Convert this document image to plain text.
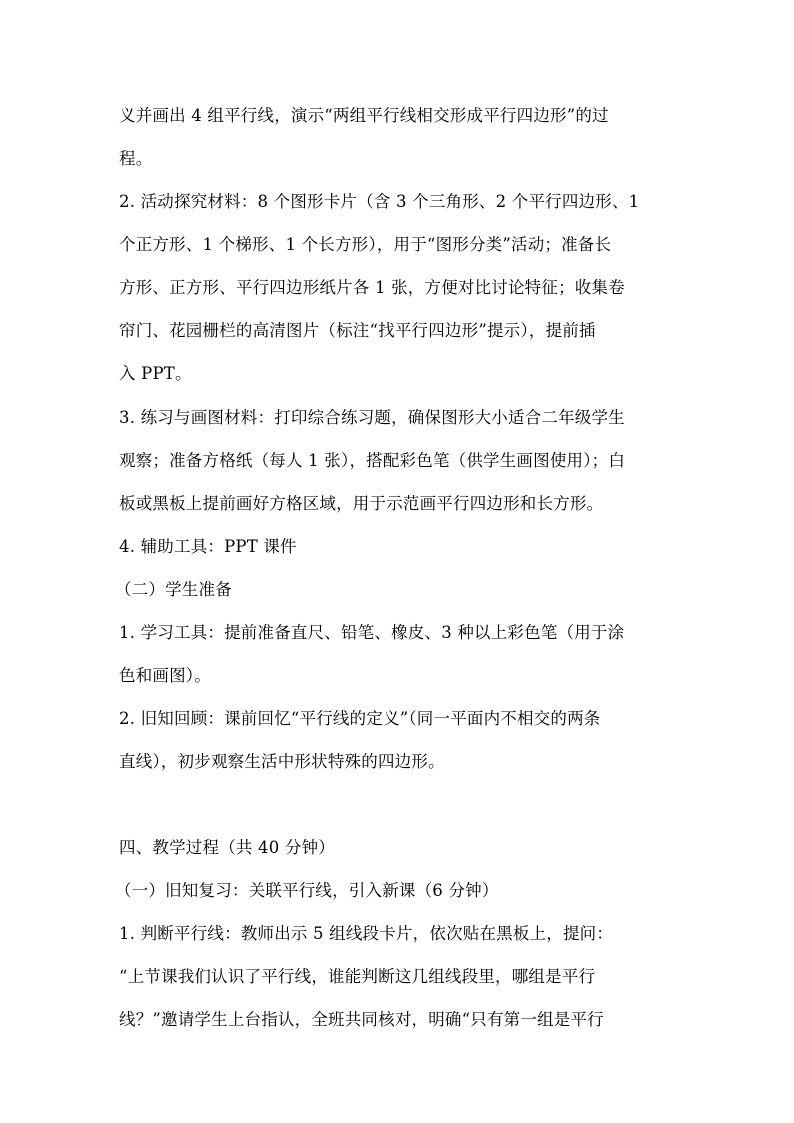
义并画出 4 组平行线，演示“两组平行线相交形成平行四边形”的过
程。
2. 活动探究材料：8 个图形卡片（含 3 个三角形、2 个平行四边形、1
个正方形、1 个梯形、1 个长方形），用于“图形分类”活动；准备长
方形、正方形、平行四边形纸片各 1 张，方便对比讨论特征；收集卷
帘门、花园栅栏的高清图片（标注“找平行四边形”提示），提前插
入 PPT。
3. 练习与画图材料：打印综合练习题，确保图形大小适合二年级学生
观察；准备方格纸（每人 1 张），搭配彩色笔（供学生画图使用）；白
板或黑板上提前画好方格区域，用于示范画平行四边形和长方形。
4. 辅助工具：PPT 课件
（二）学生准备
1. 学习工具：提前准备直尺、铅笔、橡皮、3 种以上彩色笔（用于涂
色和画图）。
2. 旧知回顾：课前回忆“平行线的定义”（同一平面内不相交的两条
直线），初步观察生活中形状特殊的四边形。
四、教学过程（共 40 分钟）
（一）旧知复习：关联平行线，引入新课（6 分钟）
1. 判断平行线：教师出示 5 组线段卡片，依次贴在黑板上，提问：
“上节课我们认识了平行线，谁能判断这几组线段里，哪组是平行
线？”邀请学生上台指认，全班共同核对，明确“只有第一组是平行
